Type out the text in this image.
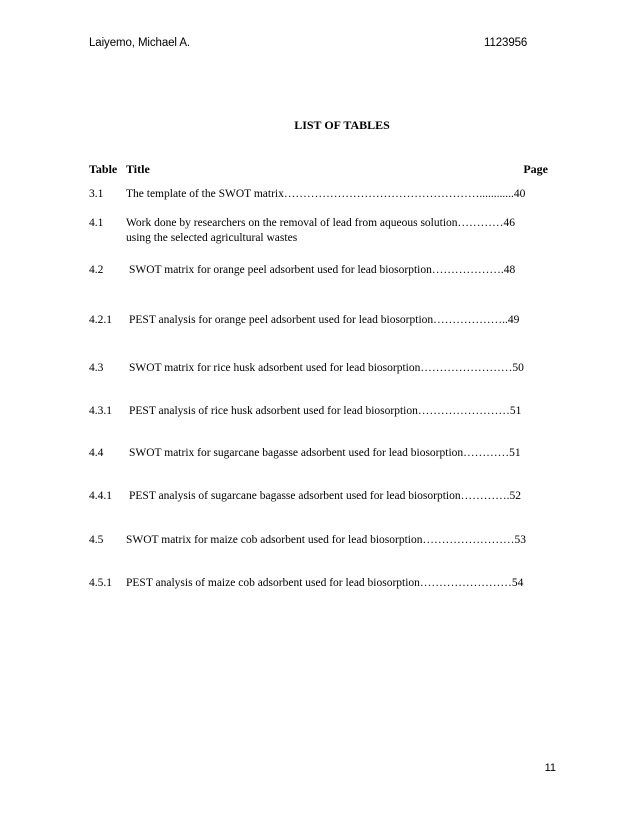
Laiyemo, Michael A.	1123956
LIST OF TABLES
Table Title	Page
3.1 The template of the SWOT matrix……………………………………………............40
4.1 Work done by researchers on the removal of lead from aqueous solution…………46
using the selected agricultural wastes
4.2 SWOT matrix for orange peel adsorbent used for lead biosorption……………….48
4.2.1 PEST analysis for orange peel adsorbent used for lead biosorption………………..49
4.3 SWOT matrix for rice husk adsorbent used for lead biosorption……………………50
4.3.1 PEST analysis of rice husk adsorbent used for lead biosorption……………………51
4.4 SWOT matrix for sugarcane bagasse adsorbent used for lead biosorption…………51
4.4.1 PEST analysis of sugarcane bagasse adsorbent used for lead biosorption………….52
4.5 SWOT matrix for maize cob adsorbent used for lead biosorption……………………53
4.5.1 PEST analysis of maize cob adsorbent used for lead biosorption……………………54
11
